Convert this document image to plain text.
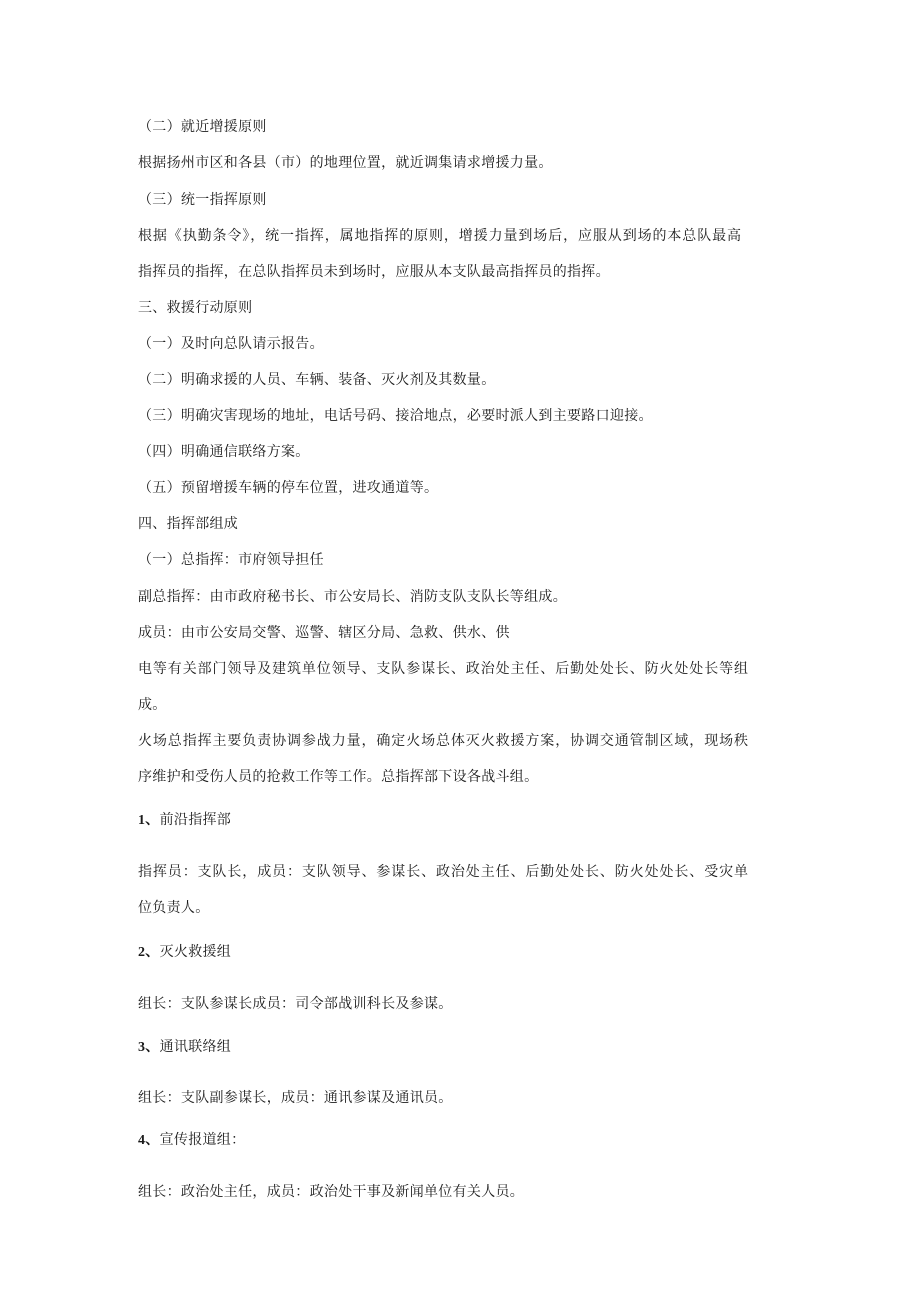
（二）就近增援原则
根据扬州市区和各县（市）的地理位置，就近调集请求增援力量。
（三）统一指挥原则
根据《执勤条令》，统一指挥，属地指挥的原则，增援力量到场后，应服从到场的本总队最高
指挥员的指挥，在总队指挥员未到场时，应服从本支队最高指挥员的指挥。
三、救援行动原则
（一）及时向总队请示报告。
（二）明确求援的人员、车辆、装备、灭火剂及其数量。
（三）明确灾害现场的地址，电话号码、接洽地点，必要时派人到主要路口迎接。
（四）明确通信联络方案。
（五）预留增援车辆的停车位置，进攻通道等。
四、指挥部组成
（一）总指挥：市府领导担任
副总指挥：由市政府秘书长、市公安局长、消防支队支队长等组成。
成员：由市公安局交警、巡警、辖区分局、急救、供水、供
电等有关部门领导及建筑单位领导、支队参谋长、政治处主任、后勤处处长、防火处处长等组
成。
火场总指挥主要负责协调参战力量，确定火场总体灭火救援方案，协调交通管制区域，现场秩
序维护和受伤人员的抢救工作等工作。总指挥部下设各战斗组。
1、前沿指挥部
指挥员：支队长，成员：支队领导、参谋长、政治处主任、后勤处处长、防火处处长、受灾单
位负责人。
2、灭火救援组
组长：支队参谋长成员：司令部战训科长及参谋。
3、通讯联络组
组长：支队副参谋长，成员：通讯参谋及通讯员。
4、宣传报道组：
组长：政治处主任，成员：政治处干事及新闻单位有关人员。
